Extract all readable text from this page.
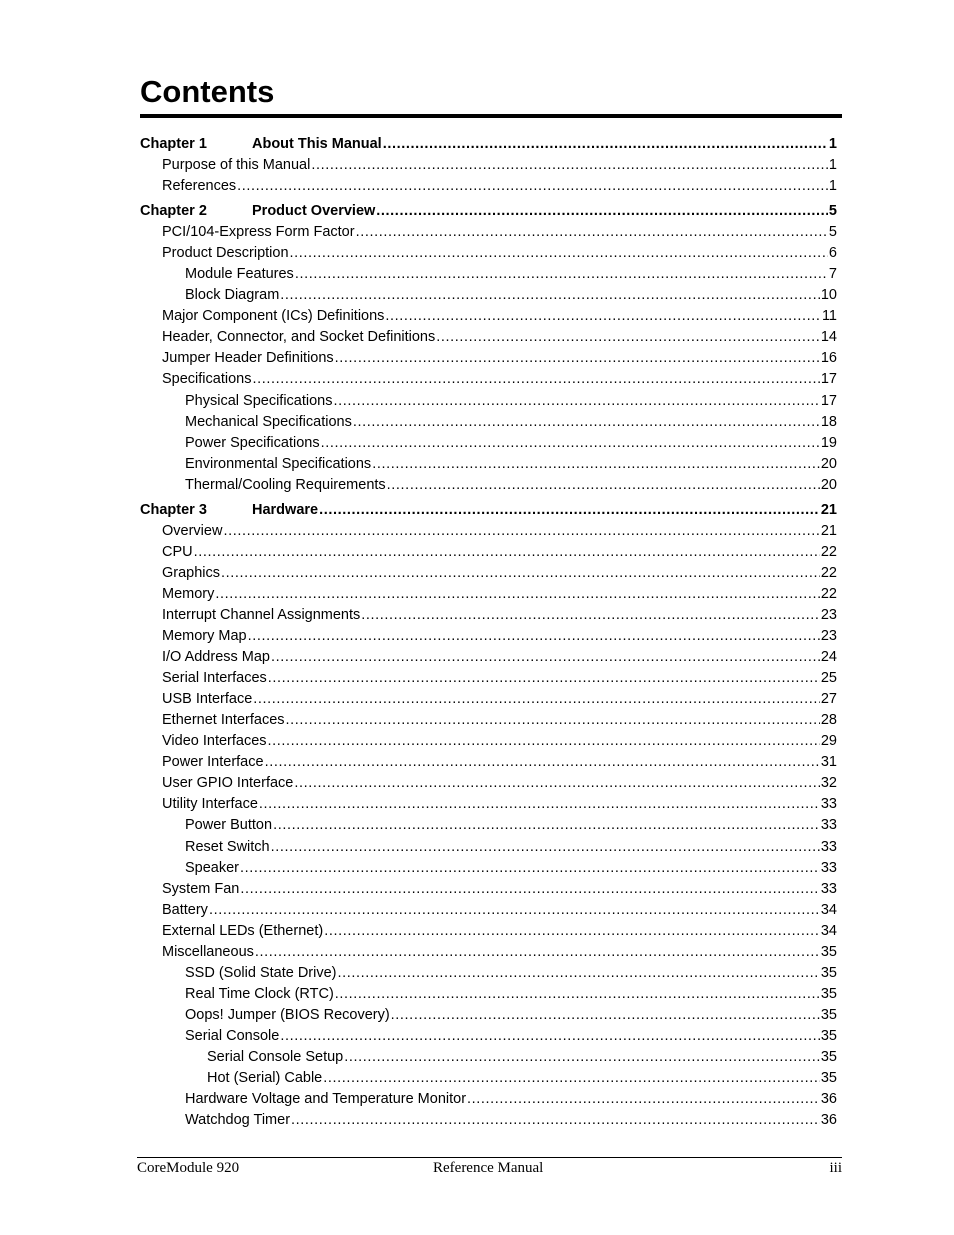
Contents
Chapter 1	About This Manual .....	1
Purpose of this Manual .....	1
References .....	1
Chapter 2	Product Overview .....	5
PCI/104-Express Form Factor .....	5
Product Description .....	6
Module Features .....	7
Block Diagram .....	10
Major Component (ICs) Definitions .....	11
Header, Connector, and Socket Definitions .....	14
Jumper Header Definitions .....	16
Specifications .....	17
Physical Specifications .....	17
Mechanical Specifications .....	18
Power Specifications .....	19
Environmental Specifications .....	20
Thermal/Cooling Requirements .....	20
Chapter 3	Hardware .....	21
Overview .....	21
CPU .....	22
Graphics .....	22
Memory .....	22
Interrupt Channel Assignments .....	23
Memory Map .....	23
I/O Address Map .....	24
Serial Interfaces .....	25
USB Interface .....	27
Ethernet Interfaces .....	28
Video Interfaces .....	29
Power Interface .....	31
User GPIO Interface .....	32
Utility Interface .....	33
Power Button .....	33
Reset Switch .....	33
Speaker .....	33
System Fan .....	33
Battery .....	34
External LEDs (Ethernet) .....	34
Miscellaneous .....	35
SSD (Solid State Drive) .....	35
Real Time Clock (RTC) .....	35
Oops! Jumper (BIOS Recovery) .....	35
Serial Console .....	35
Serial Console Setup .....	35
Hot (Serial) Cable .....	35
Hardware Voltage and Temperature Monitor .....	36
Watchdog Timer .....	36
CoreModule 920	Reference Manual	iii
